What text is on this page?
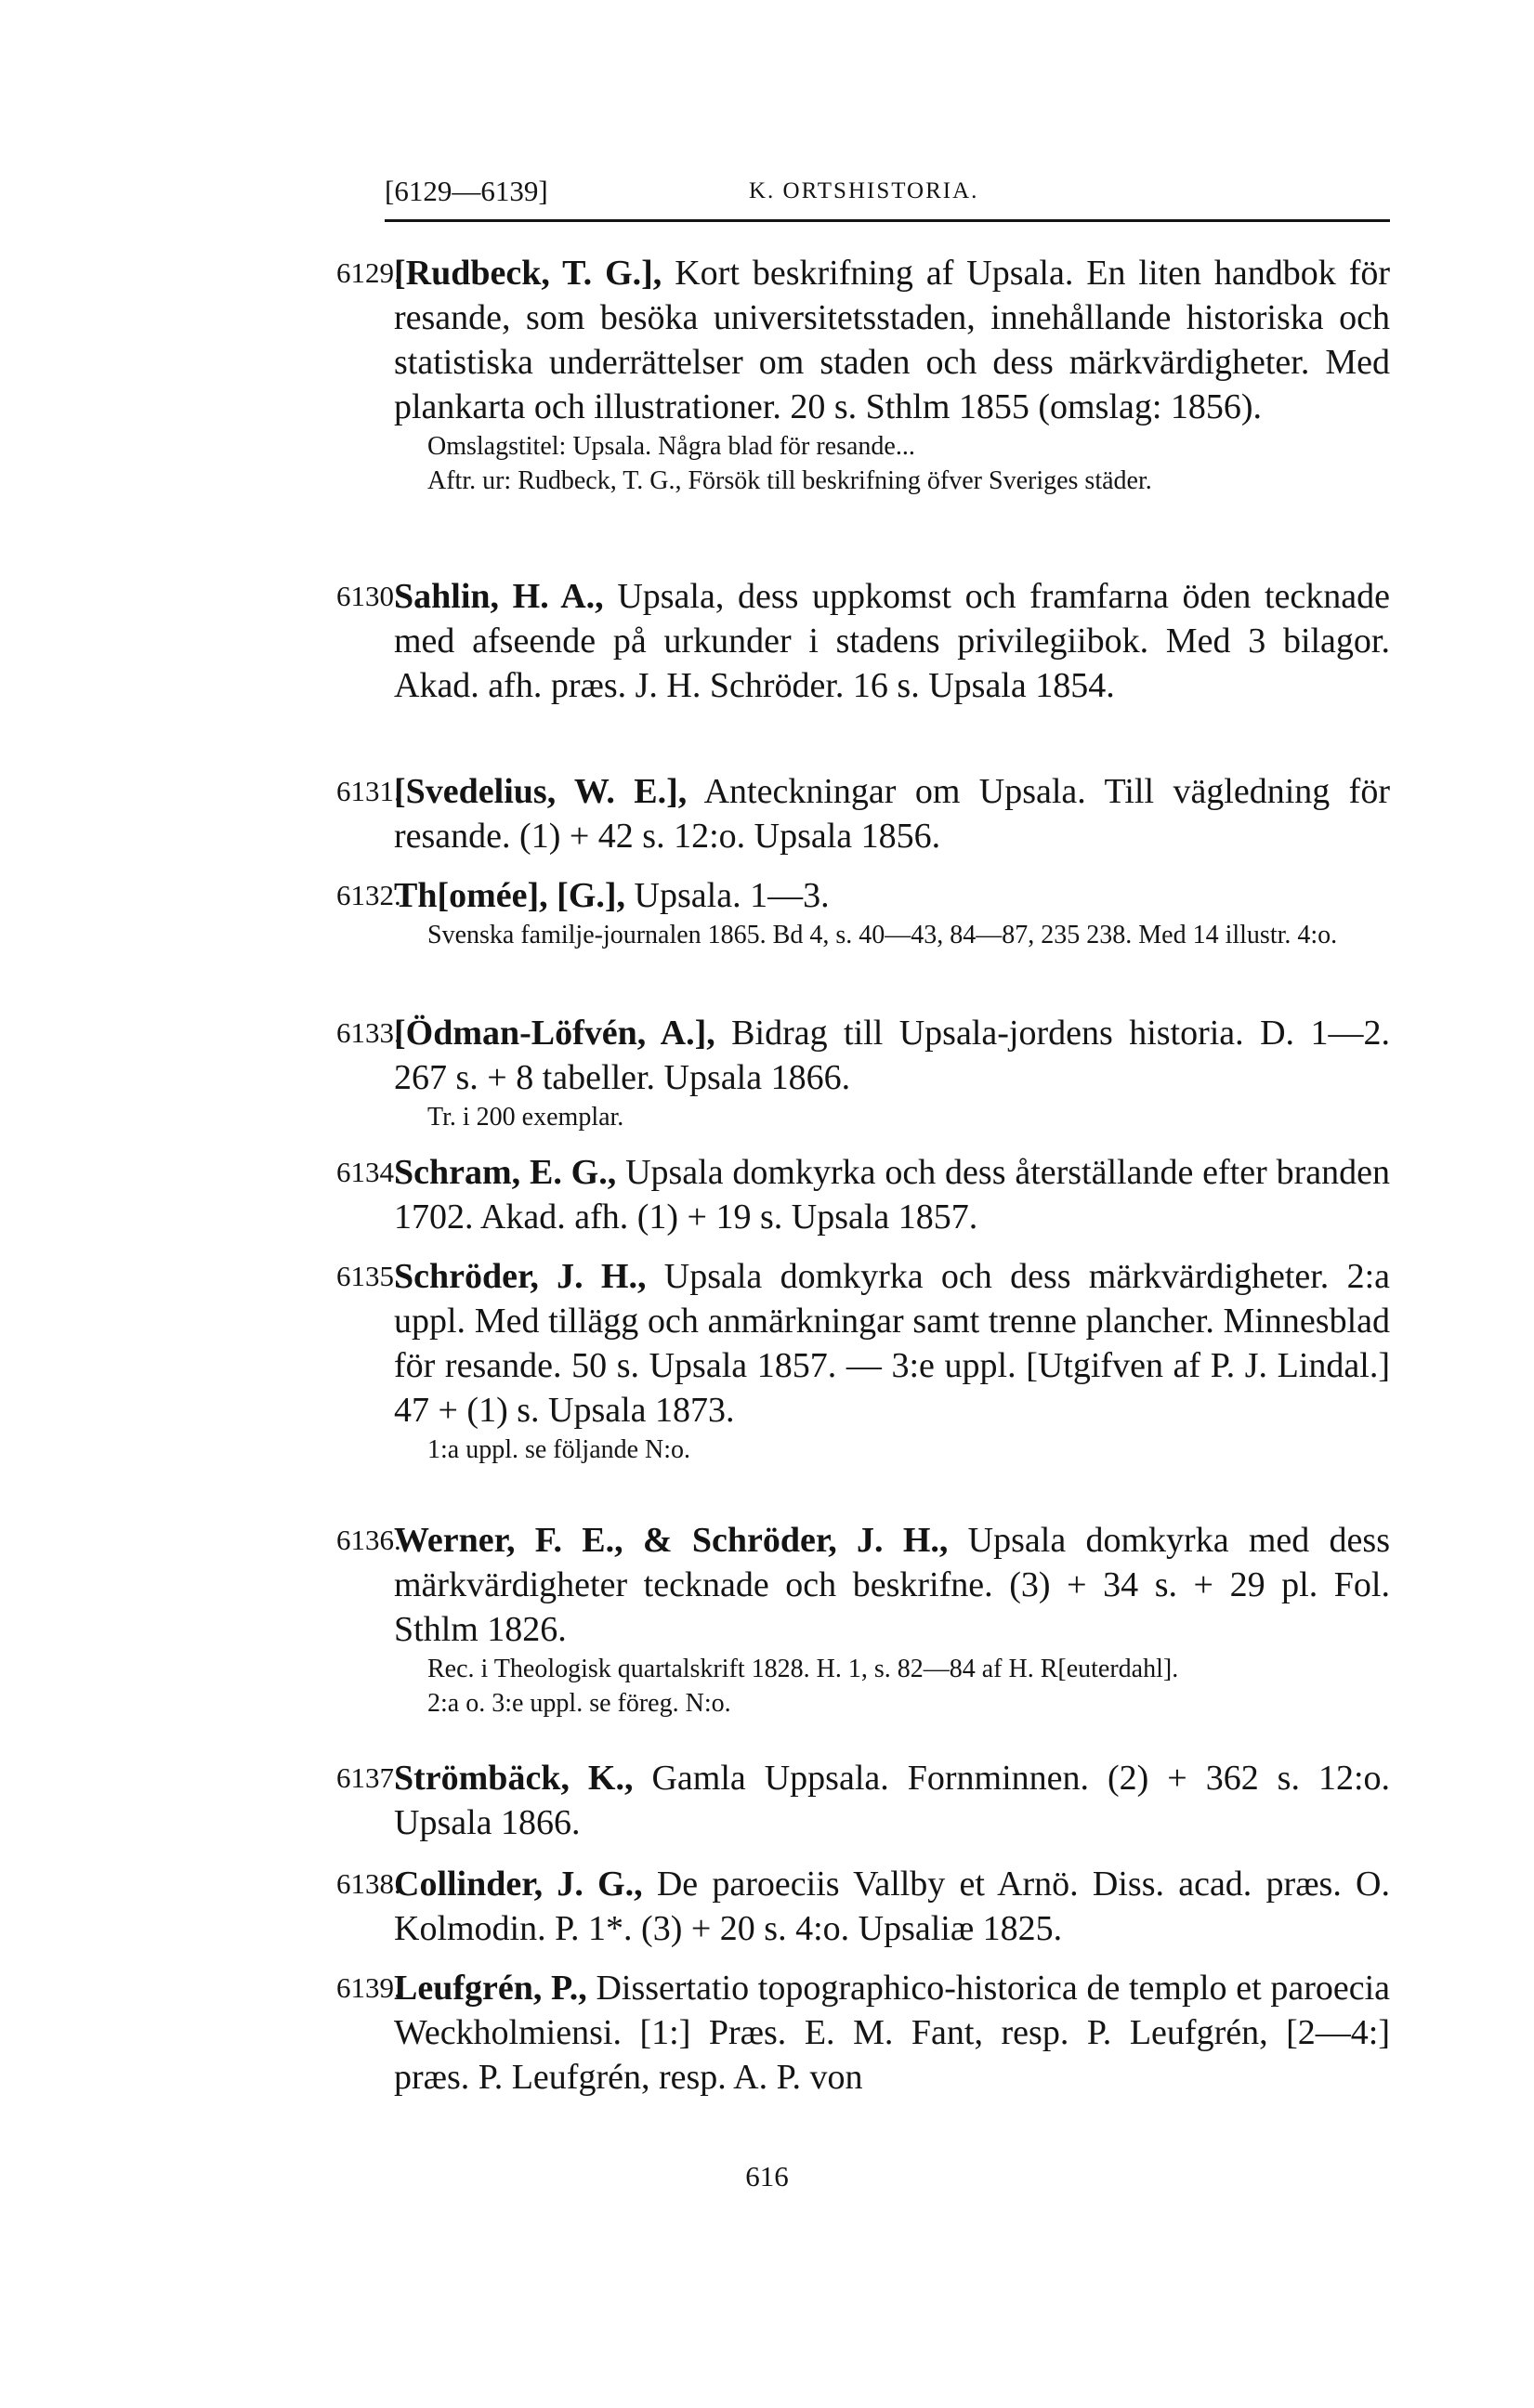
[6129—6139]	K. ORTSHISTORIA.
6129.
[Rudbeck, T. G.], Kort beskrifning af Upsala. En liten handbok för resande, som besöka universitetsstaden, innehållande historiska och statistiska underrättelser om staden och dess märkvärdigheter. Med plankarta och illustrationer. 20 s. Sthlm 1855 (omslag: 1856).
Omslagstitel: Upsala. Några blad för resande...
Aftr. ur: Rudbeck, T. G., Försök till beskrifning öfver Sveriges städer.
6130.
Sahlin, H. A., Upsala, dess uppkomst och framfarna öden tecknade med afseende på urkunder i stadens privilegiibok. Med 3 bilagor. Akad. afh. præs. J. H. Schröder. 16 s. Upsala 1854.
6131.
[Svedelius, W. E.], Anteckningar om Upsala. Till vägledning för resande. (1) + 42 s. 12:o. Upsala 1856.
6132.
Th[omée], [G.], Upsala. 1—3.
Svenska familje-journalen 1865. Bd 4, s. 40—43, 84—87, 235 238. Med 14 illustr. 4:o.
6133.
[Ödman-Löfvén, A.], Bidrag till Upsala-jordens historia. D. 1—2. 267 s. + 8 tabeller. Upsala 1866.
Tr. i 200 exemplar.
6134.
Schram, E. G., Upsala domkyrka och dess återställande efter branden 1702. Akad. afh. (1) + 19 s. Upsala 1857.
6135.
Schröder, J. H., Upsala domkyrka och dess märkvärdigheter. 2:a uppl. Med tillägg och anmärkningar samt trenne plancher. Minnesblad för resande. 50 s. Upsala 1857. — 3:e uppl. [Utgifven af P. J. Lindal.] 47 + (1) s. Upsala 1873.
1:a uppl. se följande N:o.
6136.
Werner, F. E., & Schröder, J. H., Upsala domkyrka med dess märkvärdigheter tecknade och beskrifne. (3) + 34 s. + 29 pl. Fol. Sthlm 1826.
Rec. i Theologisk quartalskrift 1828. H. 1, s. 82—84 af H. R[euterdahl].
2:a o. 3:e uppl. se föreg. N:o.
6137.
Strömbäck, K., Gamla Uppsala. Fornminnen. (2) + 362 s. 12:o. Upsala 1866.
6138.
Collinder, J. G., De paroeciis Vallby et Arnö. Diss. acad. præs. O. Kolmodin. P. 1*. (3) + 20 s. 4:o. Upsaliæ 1825.
6139.
Leufgrén, P., Dissertatio topographico-historica de templo et paroecia Weckholmiensi. [1:] Præs. E. M. Fant, resp. P. Leufgrén, [2—4:] præs. P. Leufgrén, resp. A. P. von
616
